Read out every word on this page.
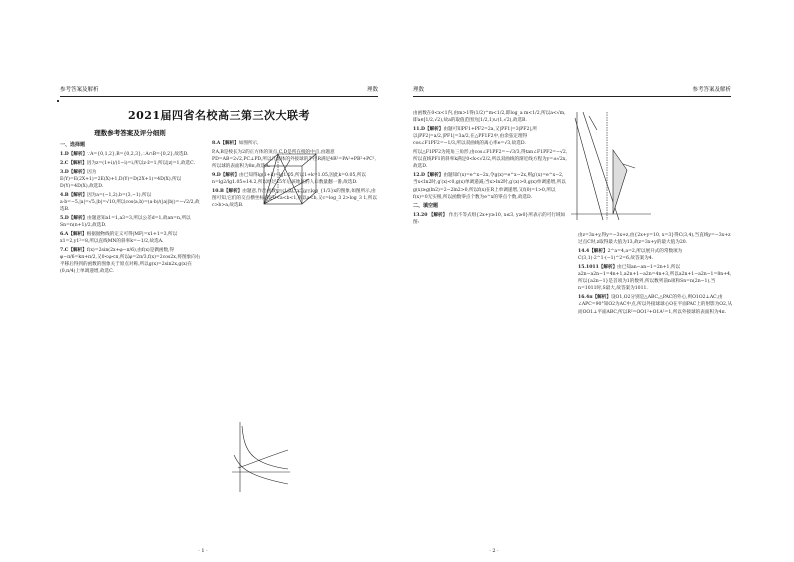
参考答案及解析	理数
2021届四省名校高三第三次大联考
理数参考答案及评分细则

一、选择题

1.D【解析】∵A={0,1,2},B={0,2,3},∴A∩B={0,2},故选D.

2.C【解析】因为z=(1+i)/(1−i)=i,所以z·z̄=1,所以|z|=1,故选C.

3.D【解析】因为E(Y)=E(2X+1)=2E(X)+1,D(Y)=D(2X+1)=4D(X),所以D(Y)=4D(X),故选D.

4.B【解析】因为a=(−1,2),b=(3,−1),所以a·b=−5,|a|=√5,|b|=√10,所以cos⟨a,b⟩=(a·b)/(|a||b|)=−√2/2,故选B.

5.D【解析】由题意知a1=1,a3=3,所以公差d=1,故an=n,所以Sn=n(n+1)/2,故选D.

6.A【解析】根据抛物线的定义可得|MF|=x1+1=3,所以x1=2,y1²=8,所以直线MN的斜率k=−1/2,故选A.

7.C【解析】f(x)=2sin(2x+φ−π/6),由f(x)是偶函数,得φ−π/6=kπ+π/2,又0<φ<π,所以φ=2π/3,f(x)=2cos2x,将图象向右平移后得到的函数的图象关于原点对称,所以g(x)=2sin2x,g(x)在(0,π/4)上单调递增,故选C.

8.A【解析】如图所示,

P,A,B是棱长为2的正方体的顶点,C,D是所在棱的中点,由题意PD=AB=2√2,PC⊥PD,所以几何体的外接球的半径R满足4R²=PA²+PB²+PC²,所以球的表面积为8π,故选A.

9.D【解析】由已知得lg(1+k)=lg1.05,所以1+k=1.05,因此k=0.05,所以n=lg2/lg1.05≈14.2,所以经过15年后该地区的人口数量翻一番,故选D.

10.B【解析】由题意,作出函数y=(1/3)^x与y=log_{1/3}x的图象,如图所示,由图可知,它们的交点横坐标满足0<a<b<1,所以a<b,又c=log_3 2>log_3 1,所以c>b>a,故选B.

· 1 ·
理数	参考答案及解析

由函数在0<x<1内,由m>1得(1/2)^m<1/2,即log_a m<1/2,所以a<√m,即a∈[1/2,√2),故a的取值范围为[1/2,1)∪(1,√2),故选B.

11.D【解析】由题可知PF1+PF2=2a,又|PF1|=3|PF2|,所以|PF2|=a/2,|PF1|=3a/2,在△PF1F2中,由余弦定理得cos∠F1PF2=−1/3,所以双曲线的离心率e=√3,故选D.

所以△F1PF2为钝角三角形,由cos∠F1PF2=−√3/3,得tan∠F1PF2=−√2,所以直线PF1的斜率k满足0<k<√2/2,所以双曲线的渐近线方程为y=±√2x,故选D.

12.D【解析】由题知f′(x)=e^x−2x,令g(x)=e^x−2x,则g′(x)=e^x−2,当x<ln2时,g′(x)<0,g(x)单调递减;当x>ln2时,g′(x)>0,g(x)单调递增,所以g(x)≥g(ln2)=2−2ln2>0,所以f(x)在R上单调递增,又f(0)=1>0,所以f(x)=0无实根,所以函数零点个数为e^x的零点个数,故选D.

二、填空题

13.20 【解析】 作出不等式组{2x+y≥10, x≤3, y≥0}所表示的可行域如图:

由z=3x+y,得y=−3x+z,由{2x+y=10, x=3}得C(3,4),当直线y=−3x+z过点C时,z取得最大值为13,故z=3x+y的最大值为20.

14.4【解析】2^a=4,a=2,所以展开式的常数项为C(3,1)·2^1·(−1)^2=6,故答案为4.

15.1011【解析】由已知an−an−1=2n+1,所以a2n−a2n−1=4n+1,a2n+1−a2n=4n+3,所以a2n+1−a2n−1=8n+4,所以{a2n−1}是首项为1的数列,所以数列前n项和Sn=n(2n−1),当n=1011时,S最大,故答案为1011.

16.4π【解析】设O1,O2分别是△ABC,△PAC的外心,则O1O2⊥AC,由∠APC=90°知O2为AC中点,所以外接球球心O在平面PAC上的射影为O2,从而OO1⊥平面ABC,所以R²=OO1²+O1A²=1,所以外接球的表面积为4π.

· 2 ·
